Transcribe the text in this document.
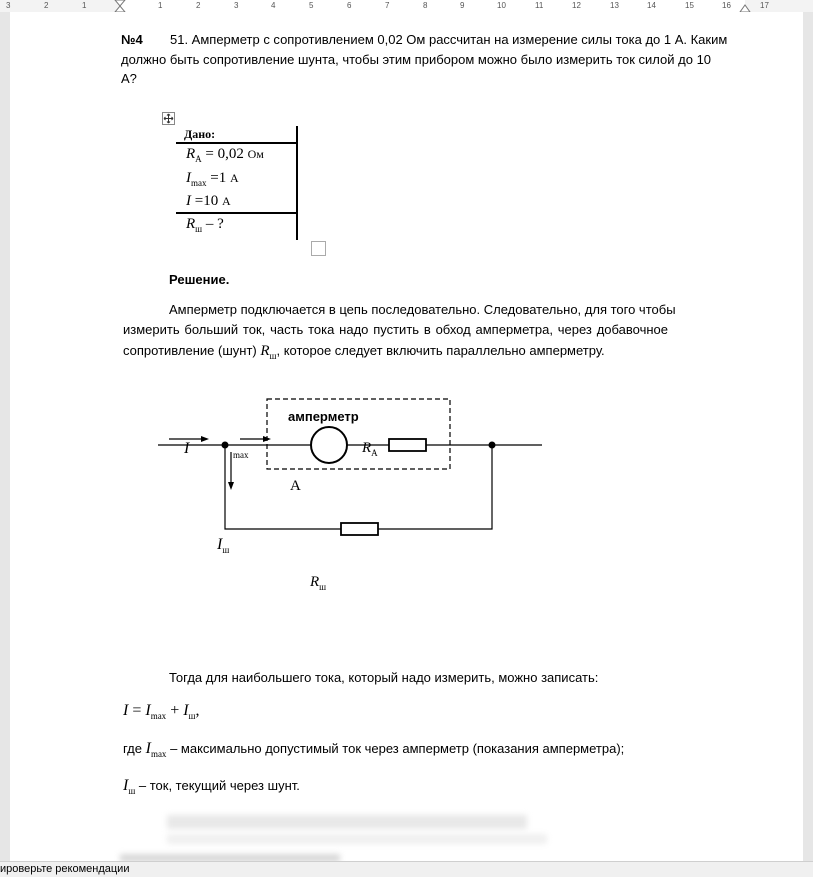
3	2	1	1	2	3	4	5	6	7	8	9	10	11	12	13	14	15	16	17
№4 51. Амперметр с сопротивлением 0,02 Ом рассчитан на измерение силы тока до 1 А. Каким
должно быть сопротивление шунта, чтобы этим прибором можно было измерить ток силой до 10
А?
Дано:
$R_А = 0,02$ Ом
$I_{max} =1$ А
I =10 А
$R_ш$ – ?
Решение.
Амперметр подключается в цепь последовательно. Следовательно, для того чтобы
измерить больший ток, часть тока надо пустить в обход амперметра, через добавочное
сопротивление (шунт) $R_ш$, которое следует включить параллельно амперметру.
амперметр
$R_А$
A
I	max
$I_ш$
$R_ш$
Тогда для наибольшего тока, который надо измерить, можно записать:
$I = I_{max} + I_ш$,
где $I_{max}$ – максимально допустимый ток через амперметр (показания амперметра);
$I_ш$ – ток, текущий через шунт.
ироверьте рекомендации
